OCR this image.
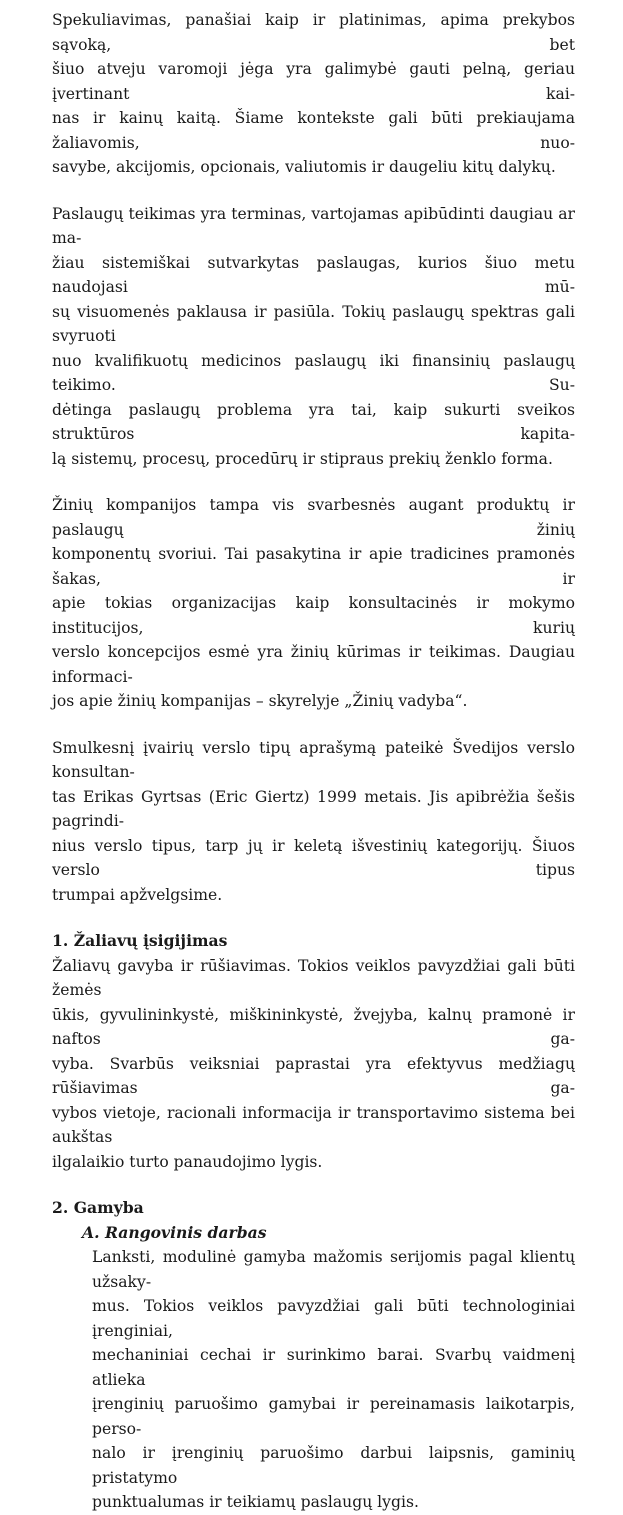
Spekuliavimas, panašiai kaip ir platinimas, apima prekybos sąvoką, bet
šiuo atveju varomoji jėga yra galimybė gauti pelną, geriau įvertinant kai-
nas ir kainų kaitą. Šiame kontekste gali būti prekiaujama žaliavomis, nuo-
savybe, akcijomis, opcionais, valiutomis ir daugeliu kitų dalykų.

Paslaugų teikimas yra terminas, vartojamas apibūdinti daugiau ar ma-
žiau sistemiškai sutvarkytas paslaugas, kurios šiuo metu naudojasi mū-
sų visuomenės paklausa ir pasiūla. Tokių paslaugų spektras gali svyruoti
nuo kvalifikuotų medicinos paslaugų iki finansinių paslaugų teikimo. Su-
dėtinga paslaugų problema yra tai, kaip sukurti sveikos struktūros kapita-
lą sistemų, procesų, procedūrų ir stipraus prekių ženklo forma.

Žinių kompanijos tampa vis svarbesnės augant produktų ir paslaugų žinių
komponentų svoriui. Tai pasakytina ir apie tradicines pramonės šakas, ir
apie tokias organizacijas kaip konsultacinės ir mokymo institucijos, kurių
verslo koncepcijos esmė yra žinių kūrimas ir teikimas. Daugiau informaci-
jos apie žinių kompanijas – skyrelyje „Žinių vadyba“.

Smulkesnį įvairių verslo tipų aprašymą pateikė Švedijos verslo konsultan-
tas Erikas Gyrtsas (Eric Giertz) 1999 metais. Jis apibrėžia šešis pagrindi-
nius verslo tipus, tarp jų ir keletą išvestinių kategorijų. Šiuos verslo tipus
trumpai apžvelgsime.

1. Žaliavų įsigijimas

Žaliavų gavyba ir rūšiavimas. Tokios veiklos pavyzdžiai gali būti žemės
ūkis, gyvulininkystė, miškininkystė, žvejyba, kalnų pramonė ir naftos ga-
vyba. Svarbūs veiksniai paprastai yra efektyvus medžiagų rūšiavimas ga-
vybos vietoje, racionali informacija ir transportavimo sistema bei aukštas
ilgalaikio turto panaudojimo lygis.

2. Gamyba
A. Rangovinis darbas

Lanksti, modulinė gamyba mažomis serijomis pagal klientų užsaky-
mus. Tokios veiklos pavyzdžiai gali būti technologiniai įrenginiai,
mechaniniai cechai ir surinkimo barai. Svarbų vaidmenį atlieka
įrenginių paruošimo gamybai ir pereinamasis laikotarpis, perso-
nalo ir įrenginių paruošimo darbui laipsnis, gaminių pristatymo
punktualumas ir teikiamų paslaugų lygis.
